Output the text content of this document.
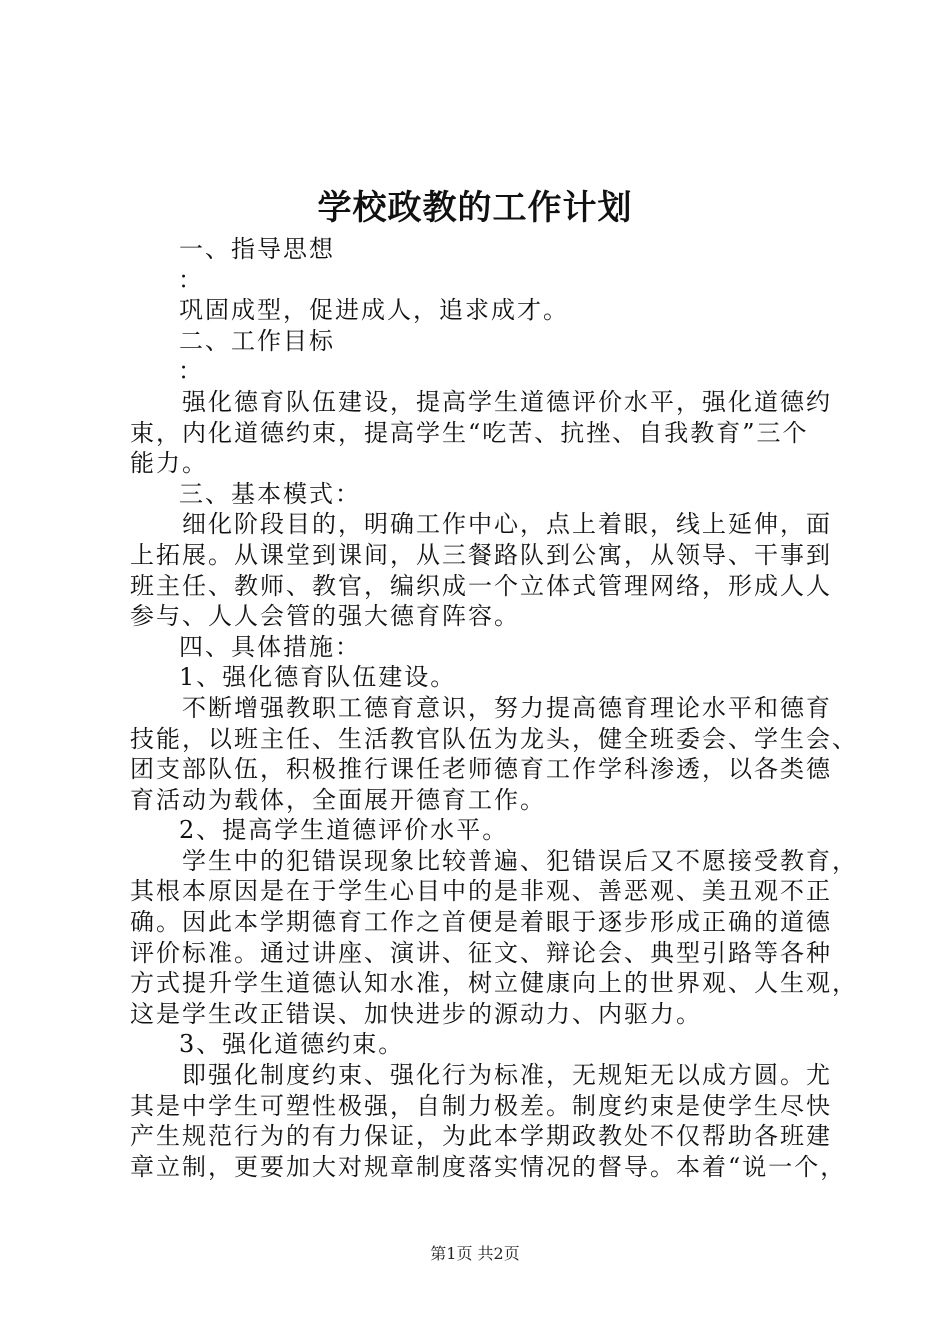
学校政教的工作计划
一、指导思想
：
巩固成型，促进成人，追求成才。
二、工作目标
：
强化德育队伍建设，提高学生道德评价水平，强化道德约
束，内化道德约束，提高学生“吃苦、抗挫、自我教育”三个
能力。
三、基本模式：
细化阶段目的，明确工作中心，点上着眼，线上延伸，面
上拓展。从课堂到课间，从三餐路队到公寓，从领导、干事到
班主任、教师、教官，编织成一个立体式管理网络，形成人人
参与、人人会管的强大德育阵容。
四、具体措施：
1、强化德育队伍建设。
不断增强教职工德育意识，努力提高德育理论水平和德育
技能，以班主任、生活教官队伍为龙头，健全班委会、学生会、
团支部队伍，积极推行课任老师德育工作学科渗透，以各类德
育活动为载体，全面展开德育工作。
2、提高学生道德评价水平。
学生中的犯错误现象比较普遍、犯错误后又不愿接受教育，
其根本原因是在于学生心目中的是非观、善恶观、美丑观不正
确。因此本学期德育工作之首便是着眼于逐步形成正确的道德
评价标准。通过讲座、演讲、征文、辩论会、典型引路等各种
方式提升学生道德认知水准，树立健康向上的世界观、人生观，
这是学生改正错误、加快进步的源动力、内驱力。
3、强化道德约束。
即强化制度约束、强化行为标准，无规矩无以成方圆。尤
其是中学生可塑性极强，自制力极差。制度约束是使学生尽快
产生规范行为的有力保证，为此本学期政教处不仅帮助各班建
章立制，更要加大对规章制度落实情况的督导。本着“说一个，
第1页 共2页
